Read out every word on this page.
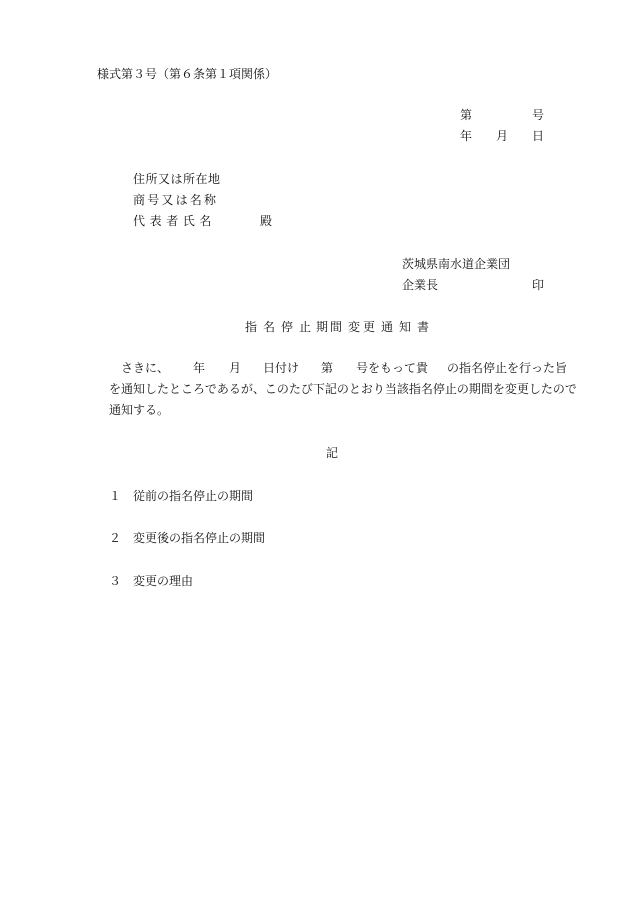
様式第３号（第６条第１項関係）
第	号
年 月 日
住所又は所在地
商号又は名称
代表者氏名	殿
茨城県南水道企業団
企業長	印
指 名 停 止 期 間 変 更 通 知 書
さきに、 年 月 日付け 第 号をもって貴 の指名停止を行った旨
を通知したところであるが、このたび下記のとおり当該指名停止の期間を変更したので
通知する。
記
１ 従前の指名停止の期間
２ 変更後の指名停止の期間
３ 変更の理由
